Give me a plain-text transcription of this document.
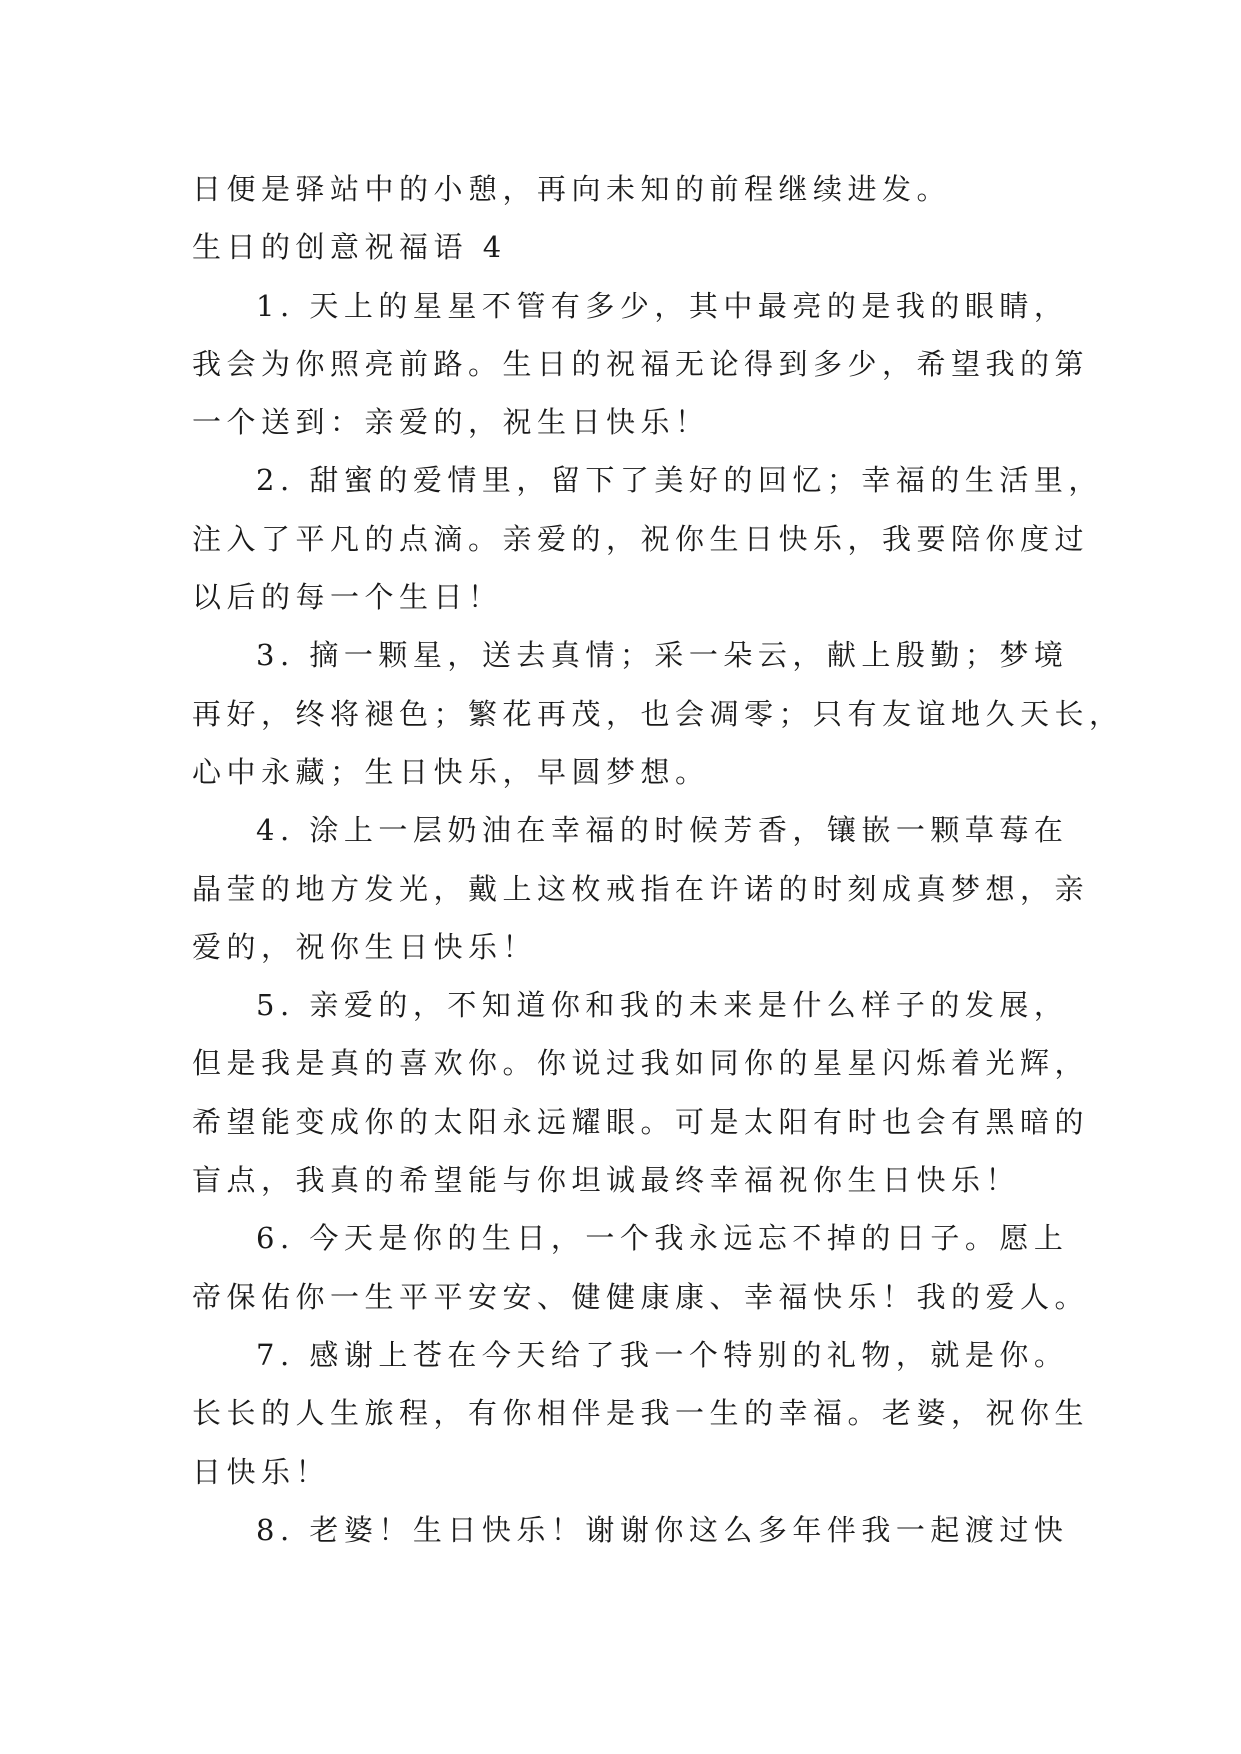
日便是驿站中的小憩，再向未知的前程继续进发。
生日的创意祝福语 4
1. 天上的星星不管有多少，其中最亮的是我的眼睛，
我会为你照亮前路。生日的祝福无论得到多少，希望我的第
一个送到：亲爱的，祝生日快乐！
2. 甜蜜的爱情里，留下了美好的回忆；幸福的生活里，
注入了平凡的点滴。亲爱的，祝你生日快乐，我要陪你度过
以后的每一个生日！
3. 摘一颗星，送去真情；采一朵云，献上殷勤；梦境
再好，终将褪色；繁花再茂，也会凋零；只有友谊地久天长，
心中永藏；生日快乐，早圆梦想。
4. 涂上一层奶油在幸福的时候芳香，镶嵌一颗草莓在
晶莹的地方发光，戴上这枚戒指在许诺的时刻成真梦想，亲
爱的，祝你生日快乐！
5. 亲爱的，不知道你和我的未来是什么样子的发展，
但是我是真的喜欢你。你说过我如同你的星星闪烁着光辉，
希望能变成你的太阳永远耀眼。可是太阳有时也会有黑暗的
盲点，我真的希望能与你坦诚最终幸福祝你生日快乐！
6. 今天是你的生日，一个我永远忘不掉的日子。愿上
帝保佑你一生平平安安、健健康康、幸福快乐！我的爱人。
7. 感谢上苍在今天给了我一个特别的礼物，就是你。
长长的人生旅程，有你相伴是我一生的幸福。老婆，祝你生
日快乐！
8. 老婆！生日快乐！谢谢你这么多年伴我一起渡过快
